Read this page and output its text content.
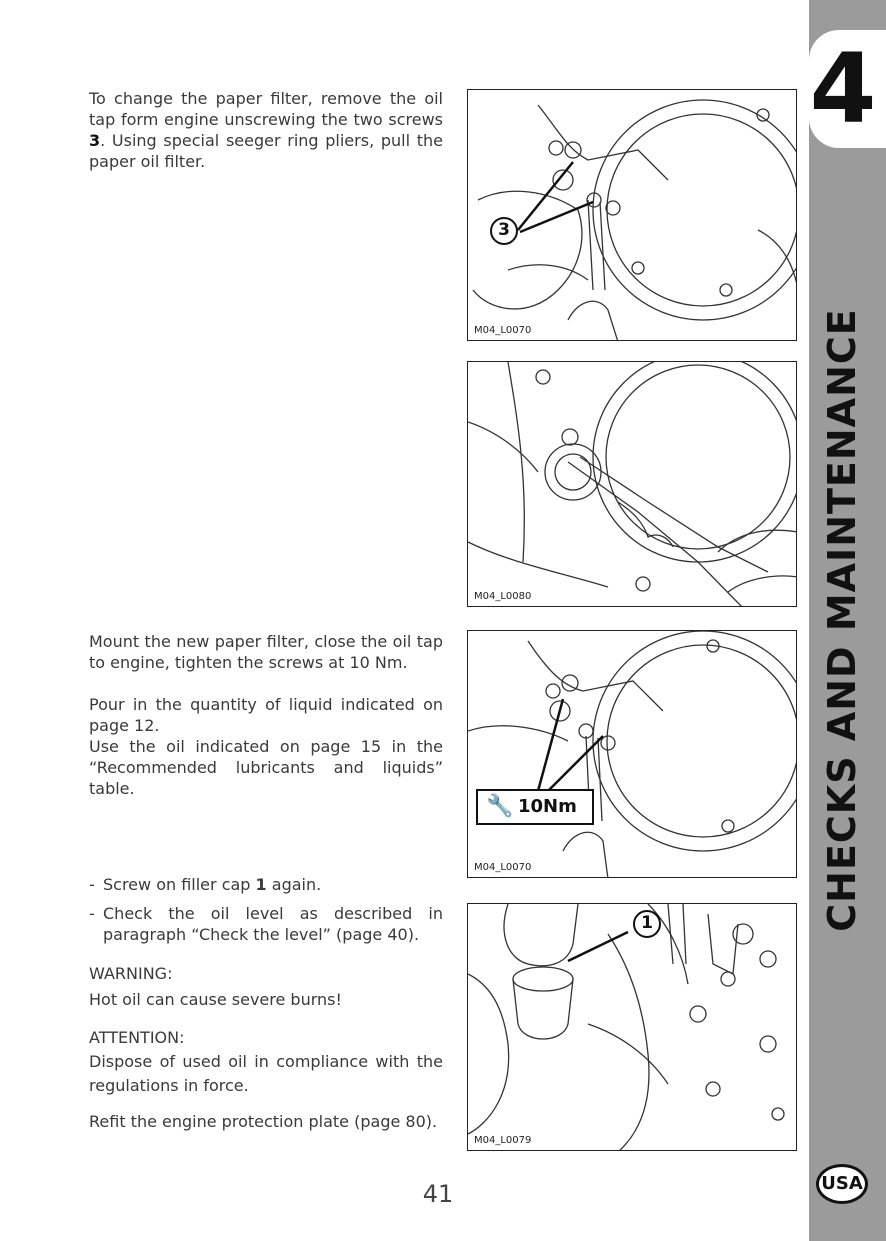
4
CHECKS AND MAINTENANCE
USA

To change the paper filter, remove the oil tap form engine unscrewing the two screws 3. Using special seeger ring pliers, pull the paper oil filter.

Mount the new paper filter, close the oil tap to engine, tighten the screws at 10 Nm.

Pour in the quantity of liquid indicated on page 12.

Use the oil indicated on page 15 in the “Recommended lubricants and liquids” table.

- Screw on filler cap 1 again.
- Check the oil level as described in paragraph “Check the level” (page 40).

WARNING:

Hot oil can cause severe burns!

ATTENTION:

Dispose of used oil in compliance with the regulations in force.

Refit the engine protection plate (page 80).

3
M04_L0070
M04_L0080
🔧 10Nm
M04_L0070
1
M04_L0079
41
